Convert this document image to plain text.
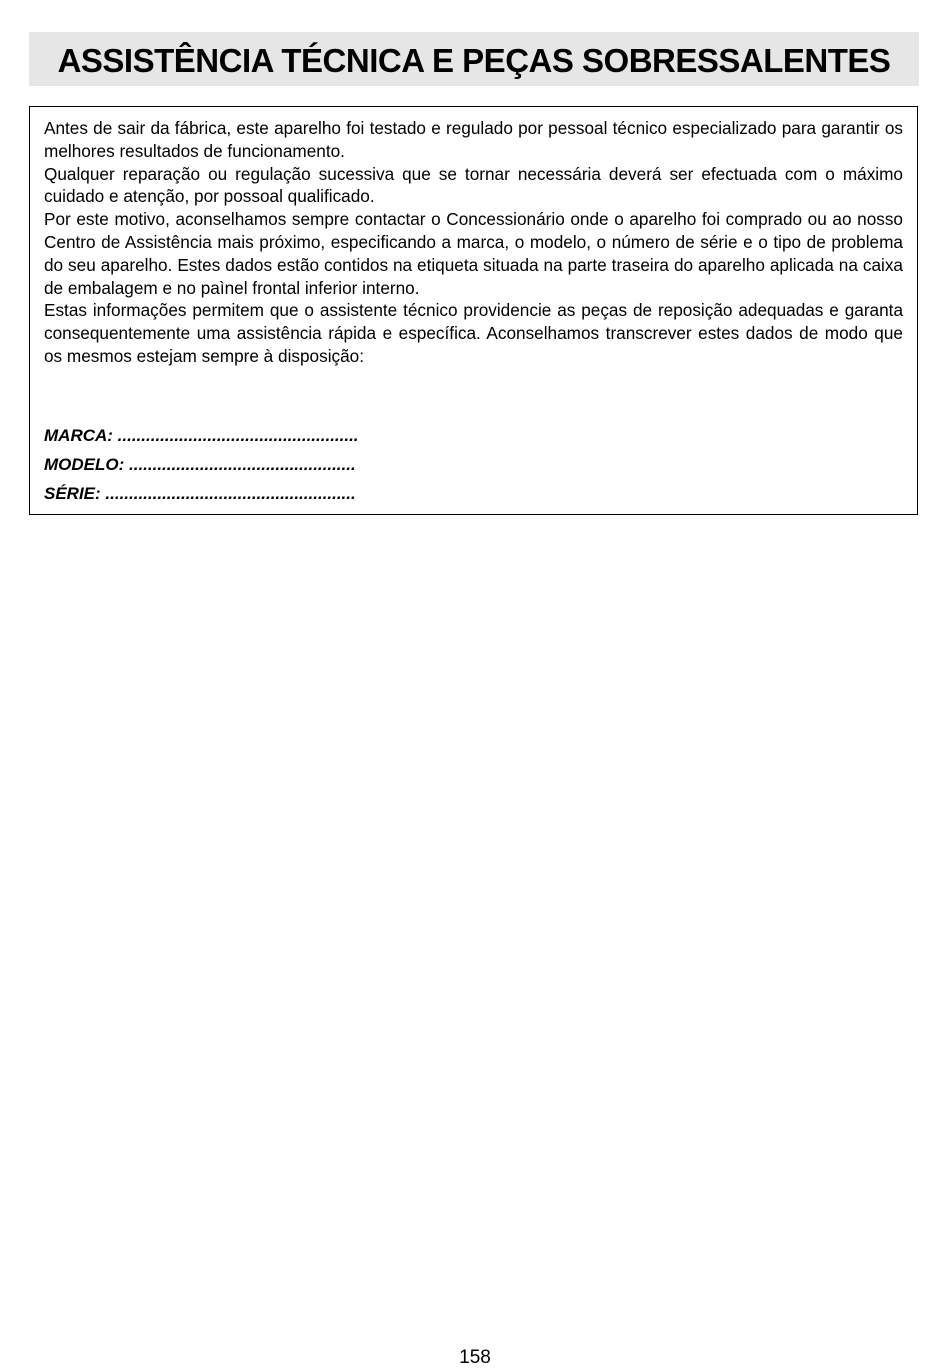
ASSISTÊNCIA TÉCNICA E PEÇAS SOBRESSALENTES
Antes de sair da fábrica, este aparelho foi testado e regulado por pessoal técnico especializado para garantir os melhores resultados de funcionamento.
Qualquer reparação ou regulação sucessiva que se tornar necessária deverá ser efectuada com o máximo cuidado e atenção, por possoal qualificado.
Por este motivo, aconselhamos sempre contactar o Concessionário onde o aparelho foi comprado ou ao nosso Centro de Assistência mais próximo, especificando a marca, o modelo, o número de série e o tipo de problema do seu aparelho. Estes dados estão contidos na etiqueta situada na parte traseira do aparelho aplicada na caixa de embalagem e no paìnel frontal inferior interno.
Estas informações permitem que o assistente técnico providencie as peças de reposição adequadas e garanta consequentemente uma assistência rápida e específica. Aconselhamos transcrever estes dados de modo que os mesmos estejam sempre à disposição:
MARCA: ...................................................
MODELO: ................................................
SÉRIE: .....................................................
158
